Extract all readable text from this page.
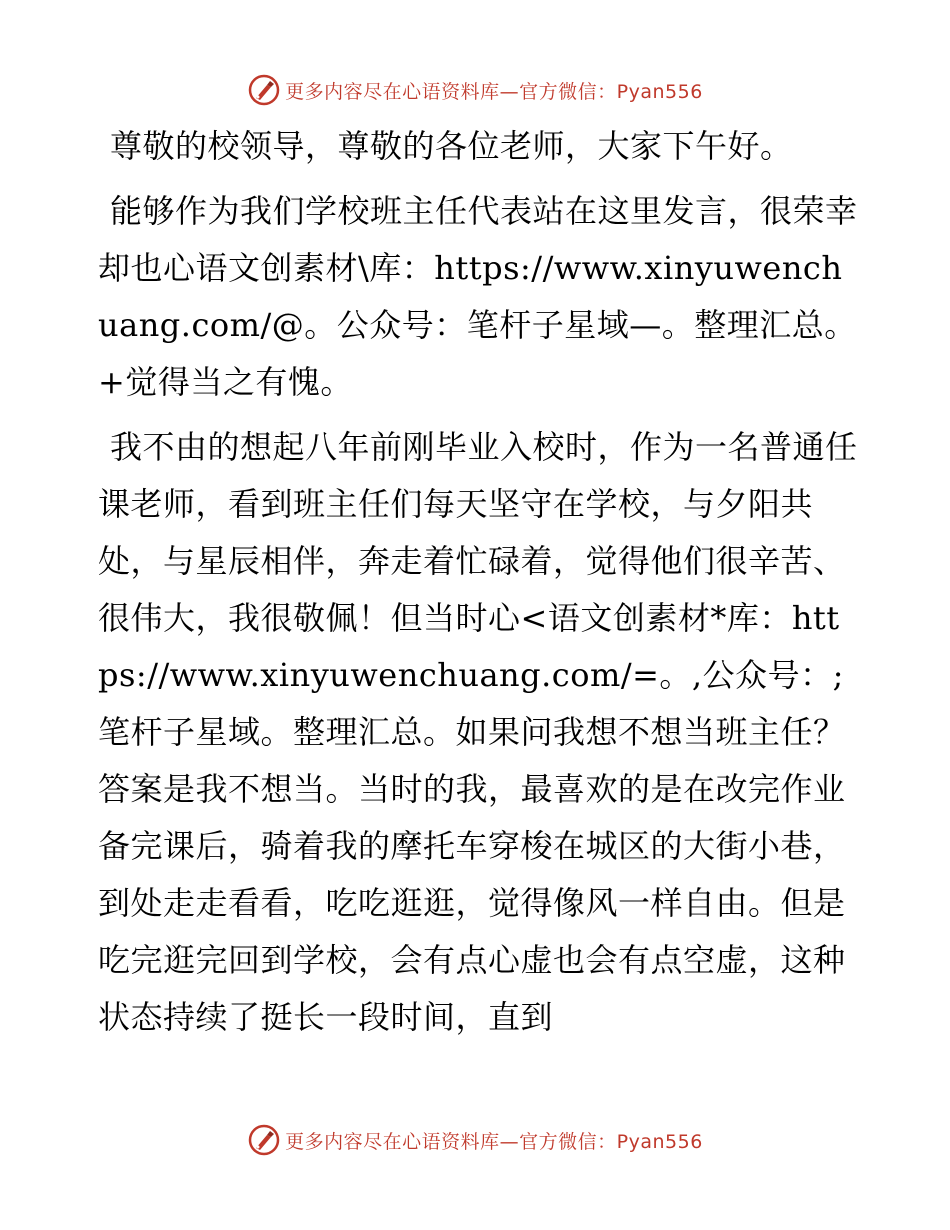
更多内容尽在心语资料库—官方微信：Pyan556

尊敬的校领导，尊敬的各位老师，大家下午好。

能够作为我们学校班主任代表站在这里发言，很荣幸却也心语文创素材\库：https://www.xinyuwenchuang.com/@。公众号：笔杆子星域—。整理汇总。+觉得当之有愧。

我不由的想起八年前刚毕业入校时，作为一名普通任课老师，看到班主任们每天坚守在学校，与夕阳共处，与星辰相伴，奔走着忙碌着，觉得他们很辛苦、很伟大，我很敬佩！但当时心<语文创素材*库：https://www.xinyuwenchuang.com/=。,公众号：;笔杆子星域。整理汇总。如果问我想不想当班主任？答案是我不想当。当时的我，最喜欢的是在改完作业备完课后，骑着我的摩托车穿梭在城区的大街小巷，到处走走看看，吃吃逛逛，觉得像风一样自由。但是吃完逛完回到学校，会有点心虚也会有点空虚，这种状态持续了挺长一段时间，直到

更多内容尽在心语资料库—官方微信：Pyan556
